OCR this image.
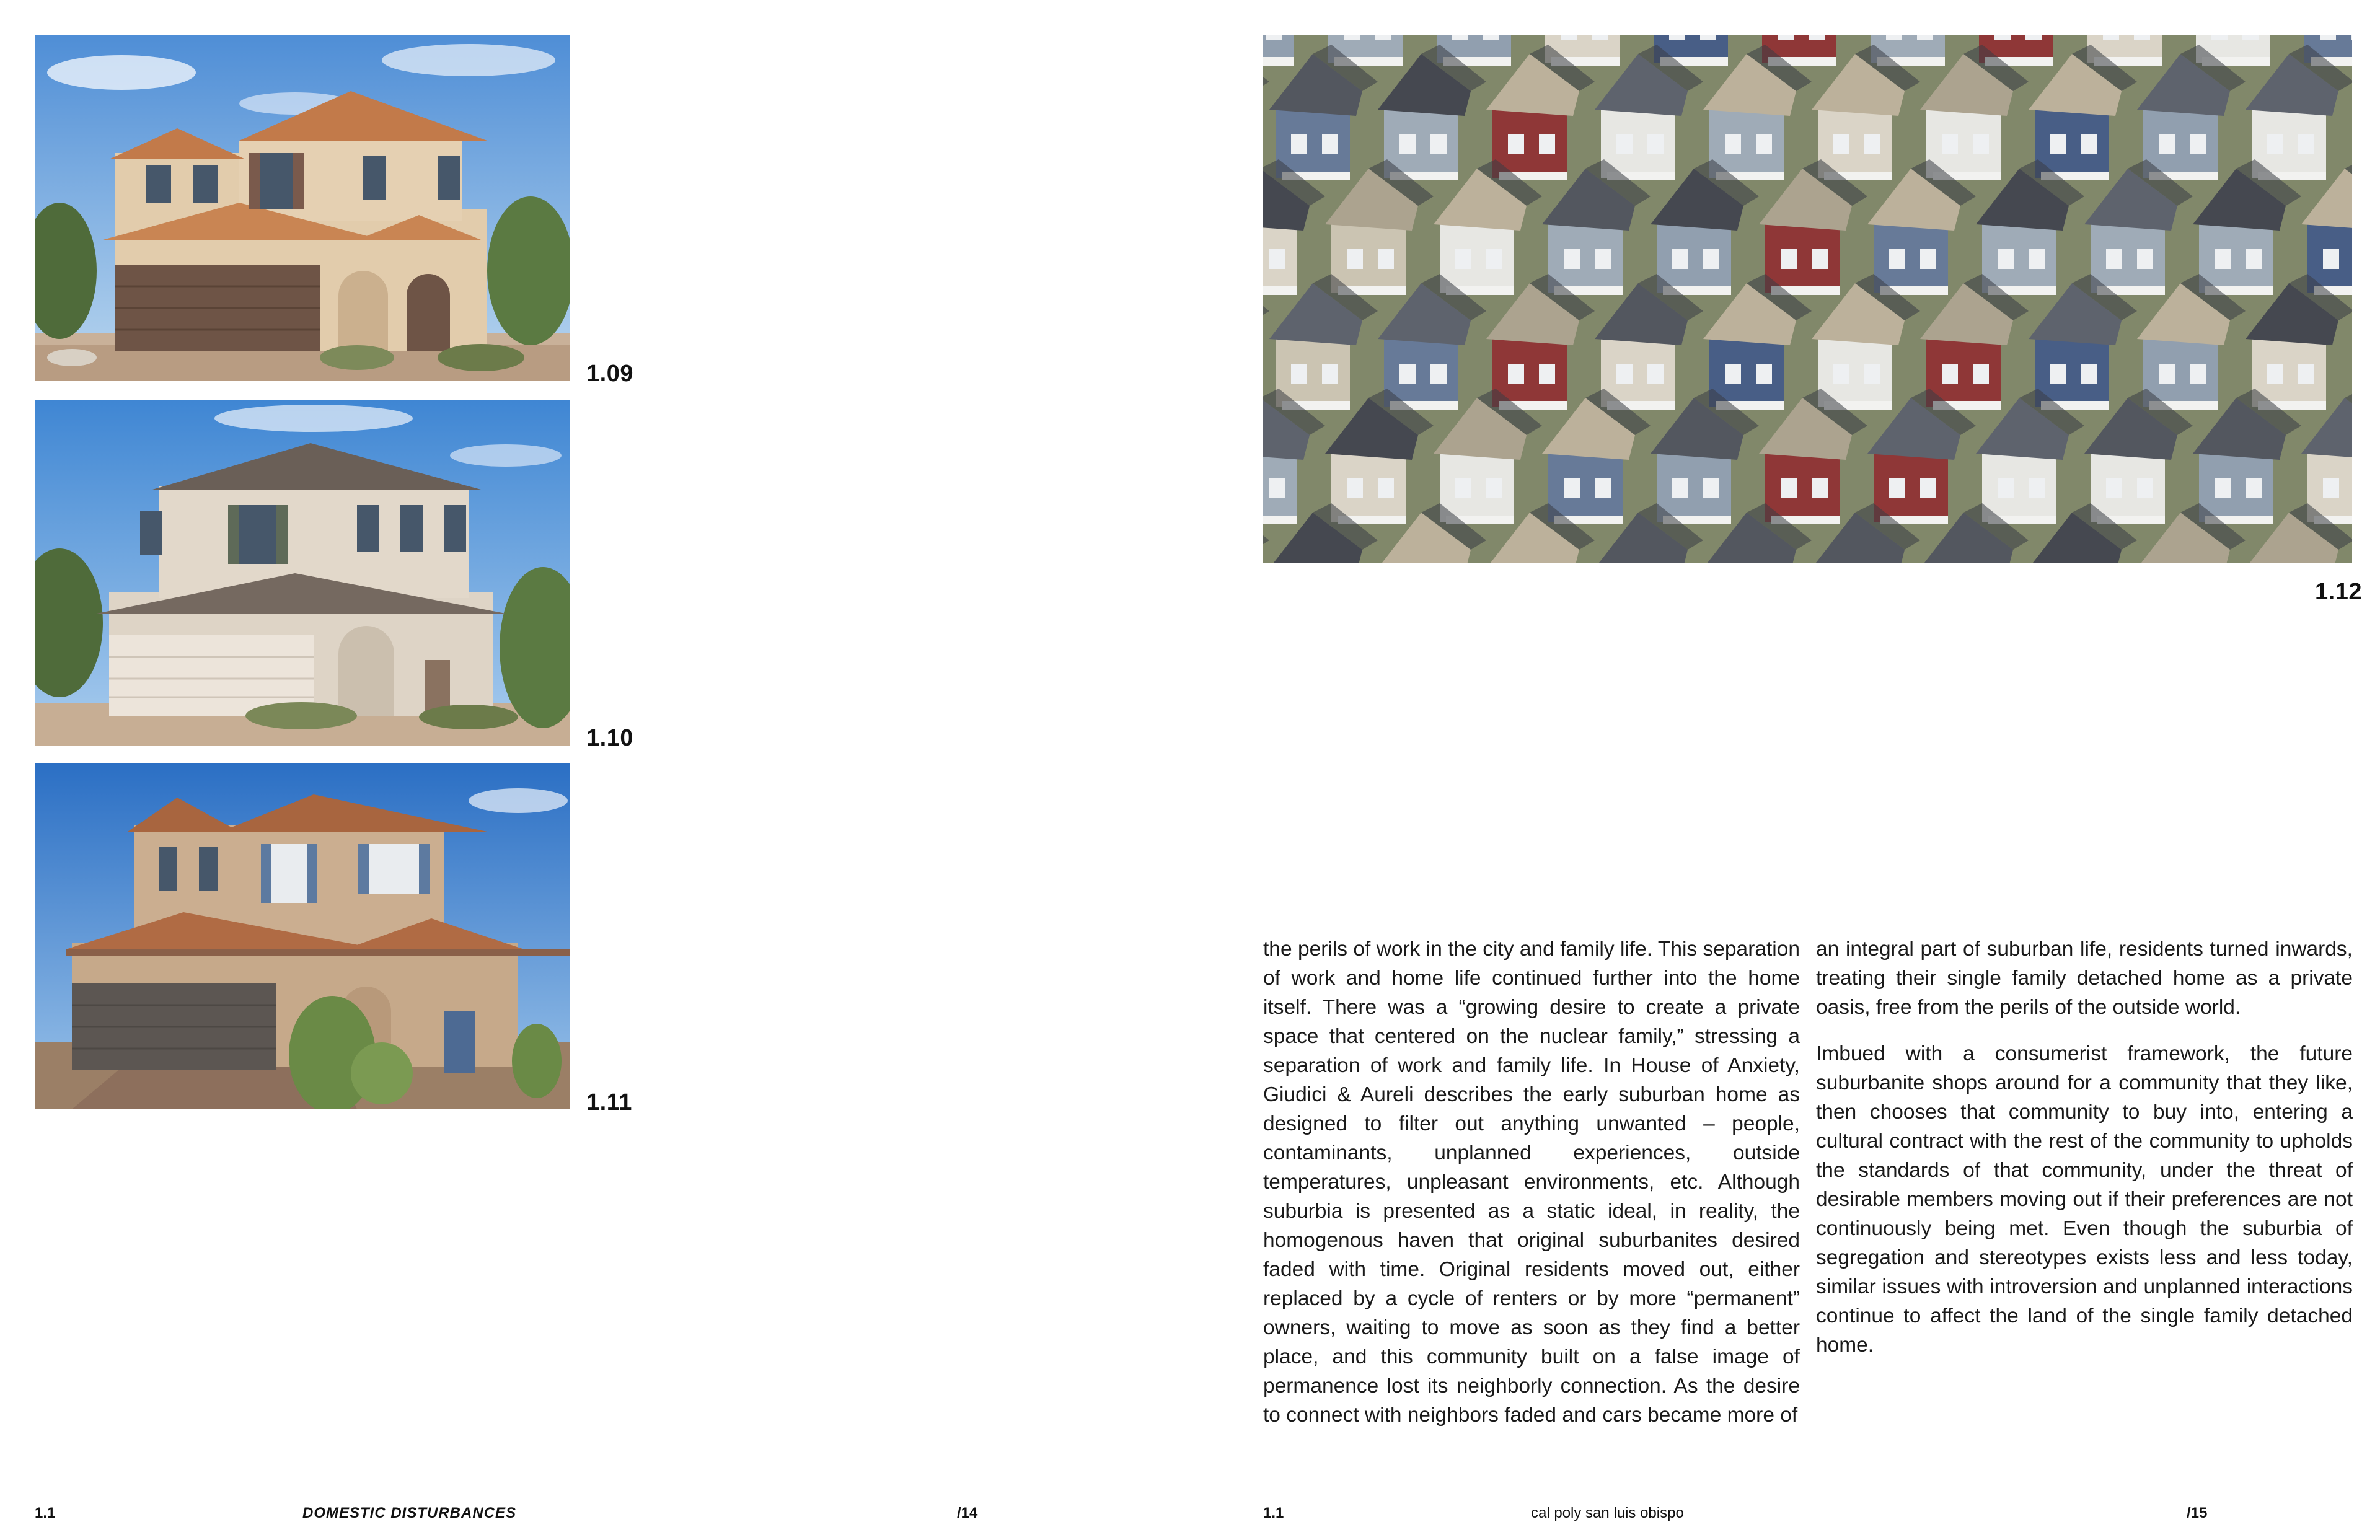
1.09
1.10
1.11
1.12

the perils of work in the city and family life. This separation of work and home life continued further into the home itself. There was a “growing desire to create a private space that centered on the nuclear family,” stressing a separation of work and family life. In House of Anxiety, Giudici & Aureli describes the early suburban home as designed to filter out anything unwanted – people, contaminants, unplanned experiences, outside temperatures, unpleasant environments, etc. Although suburbia is presented as a static ideal, in reality, the homogenous haven that original suburbanites desired faded with time. Original residents moved out, either replaced by a cycle of renters or by more “permanent” owners, waiting to move as soon as they find a better place, and this community built on a false image of permanence lost its neighborly connection. As the desire to connect with neighbors faded and cars became more of

an integral part of suburban life, residents turned inwards, treating their single family detached home as a private oasis, free from the perils of the outside world.

Imbued with a consumerist framework, the future suburbanite shops around for a community that they like, then chooses that community to buy into, entering a cultural contract with the rest of the community to upholds the standards of that community, under the threat of desirable members moving out if their preferences are not continuously being met. Even though the suburbia of segregation and stereotypes exists less and less today, similar issues with introversion and unplanned interactions continue to affect the land of the single family detached home.

1.1	DOMESTIC DISTURBANCES	/14	1.1	cal poly san luis obispo	/15
